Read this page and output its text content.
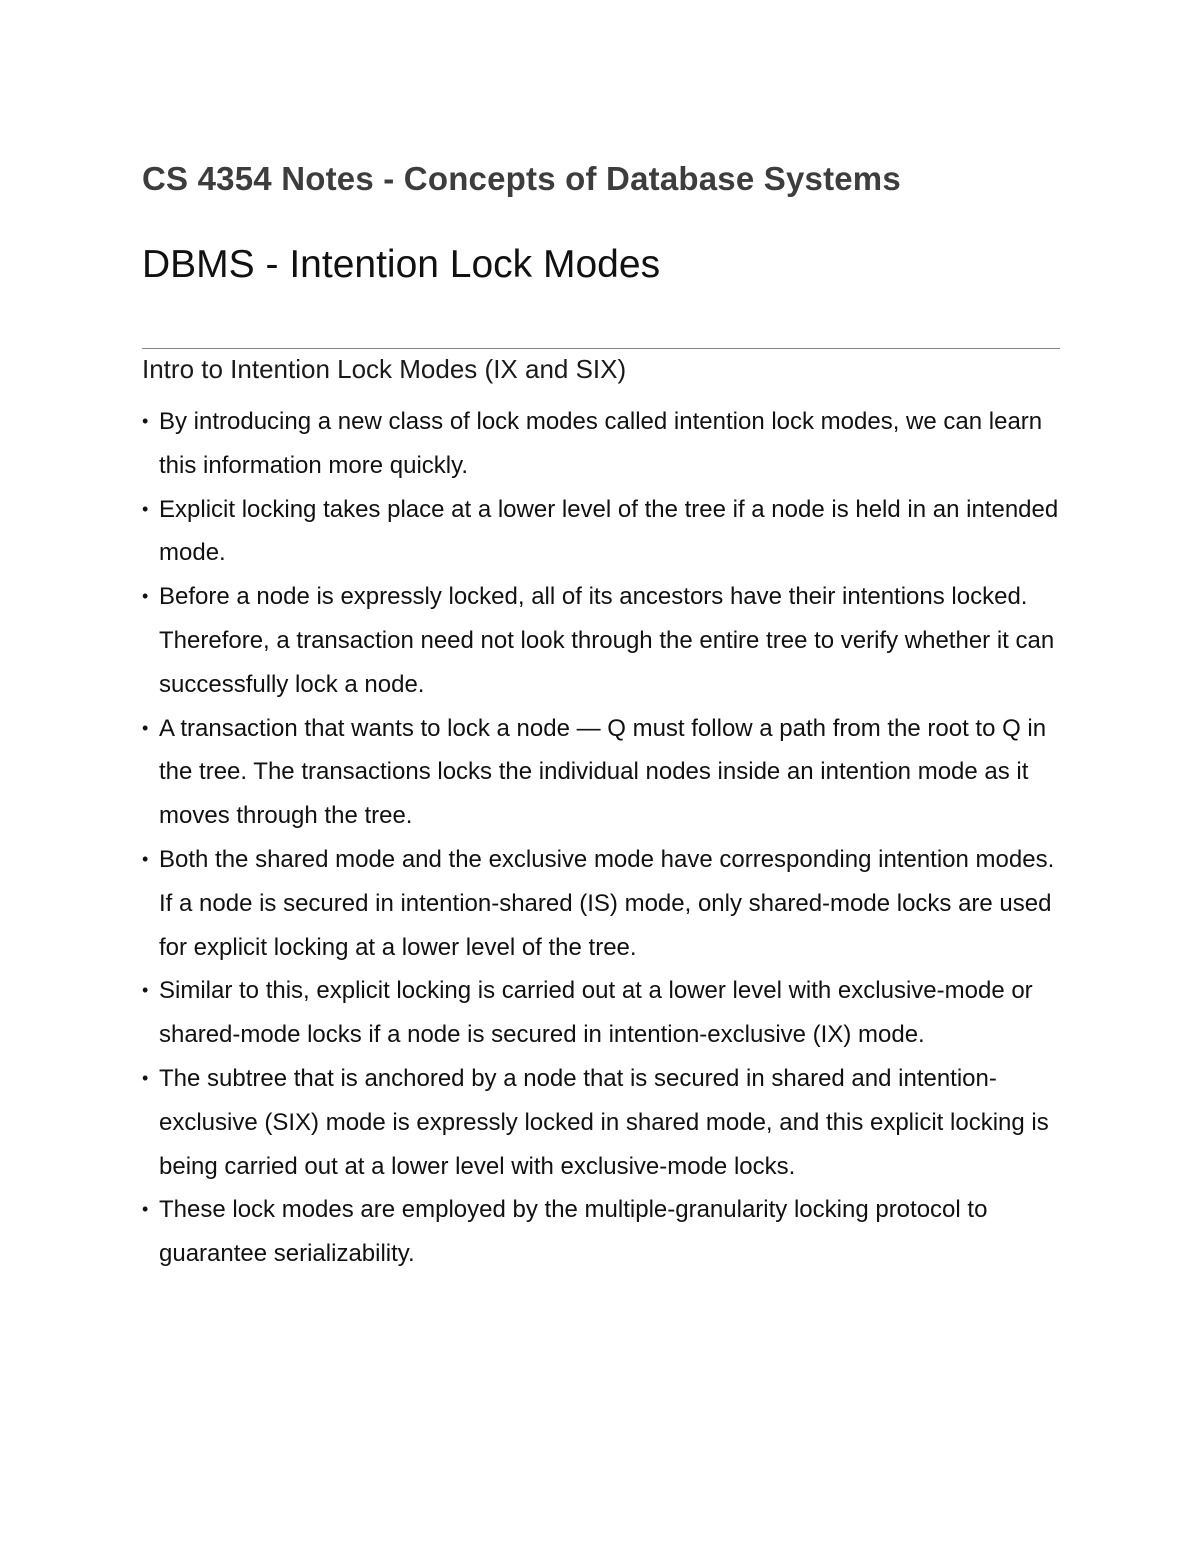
CS 4354 Notes - Concepts of Database Systems
DBMS - Intention Lock Modes
Intro to Intention Lock Modes (IX and SIX)
• By introducing a new class of lock modes called intention lock modes, we can learn this information more quickly.
• Explicit locking takes place at a lower level of the tree if a node is held in an intended mode.
• Before a node is expressly locked, all of its ancestors have their intentions locked. Therefore, a transaction need not look through the entire tree to verify whether it can successfully lock a node.
• A transaction that wants to lock a node — Q must follow a path from the root to Q in the tree. The transactions locks the individual nodes inside an intention mode as it moves through the tree.
• Both the shared mode and the exclusive mode have corresponding intention modes. If a node is secured in intention-shared (IS) mode, only shared-mode locks are used for explicit locking at a lower level of the tree.
• Similar to this, explicit locking is carried out at a lower level with exclusive-mode or shared-mode locks if a node is secured in intention-exclusive (IX) mode.
• The subtree that is anchored by a node that is secured in shared and intention-exclusive (SIX) mode is expressly locked in shared mode, and this explicit locking is being carried out at a lower level with exclusive-mode locks.
• These lock modes are employed by the multiple-granularity locking protocol to guarantee serializability.
